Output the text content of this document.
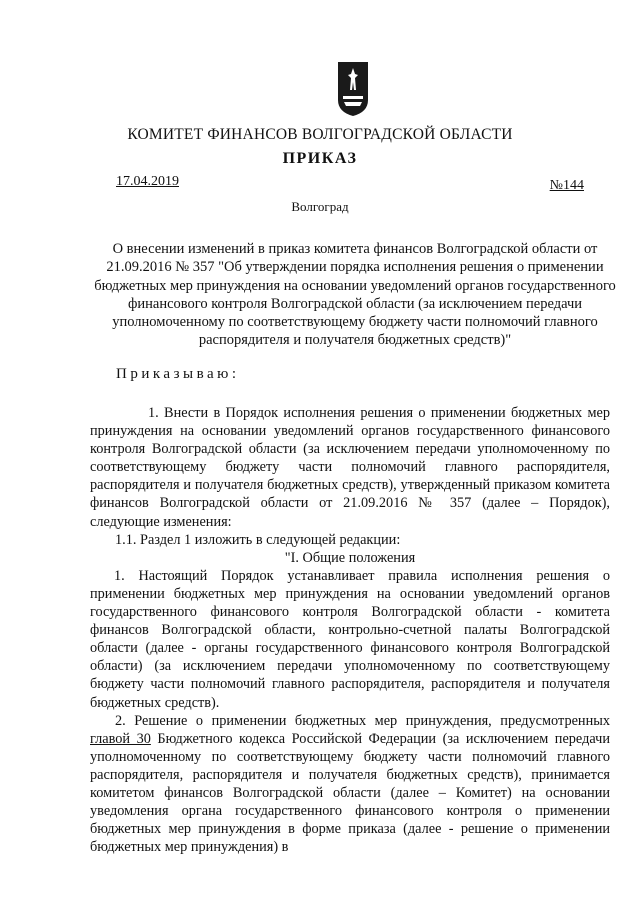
КОМИТЕТ ФИНАНСОВ ВОЛГОГРАДСКОЙ ОБЛАСТИ
ПРИКАЗ
17.04.2019	№144
Волгоград
О внесении изменений в приказ комитета финансов Волгоградской области от 21.09.2016 № 357 "Об утверждении порядка исполнения решения о применении бюджетных мер принуждения на основании уведомлений органов государственного финансового контроля Волгоградской области (за исключением передачи уполномоченному по соответствующему бюджету части полномочий главного распорядителя и получателя бюджетных средств)"
Приказываю:

1. Внести в Порядок исполнения решения о применении бюджетных мер принуждения на основании уведомлений органов государственного финансового контроля Волгоградской области (за исключением передачи уполномоченному по соответствующему бюджету части полномочий главного распорядителя, распорядителя и получателя бюджетных средств), утвержденный приказом комитета финансов Волгоградской области от 21.09.2016 № 357 (далее – Порядок), следующие изменения:

1.1. Раздел 1 изложить в следующей редакции:

"I. Общие положения

1. Настоящий Порядок устанавливает правила исполнения решения о применении бюджетных мер принуждения на основании уведомлений органов государственного финансового контроля Волгоградской области - комитета финансов Волгоградской области, контрольно-счетной палаты Волгоградской области (далее - органы государственного финансового контроля Волгоградской области) (за исключением передачи уполномоченному по соответствующему бюджету части полномочий главного распорядителя, распорядителя и получателя бюджетных средств).

2. Решение о применении бюджетных мер принуждения, предусмотренных главой 30 Бюджетного кодекса Российской Федерации (за исключением передачи уполномоченному по соответствующему бюджету части полномочий главного распорядителя, распорядителя и получателя бюджетных средств), принимается комитетом финансов Волгоградской области (далее – Комитет) на основании уведомления органа государственного финансового контроля о применении бюджетных мер принуждения в форме приказа (далее - решение о применении бюджетных мер принуждения) в
